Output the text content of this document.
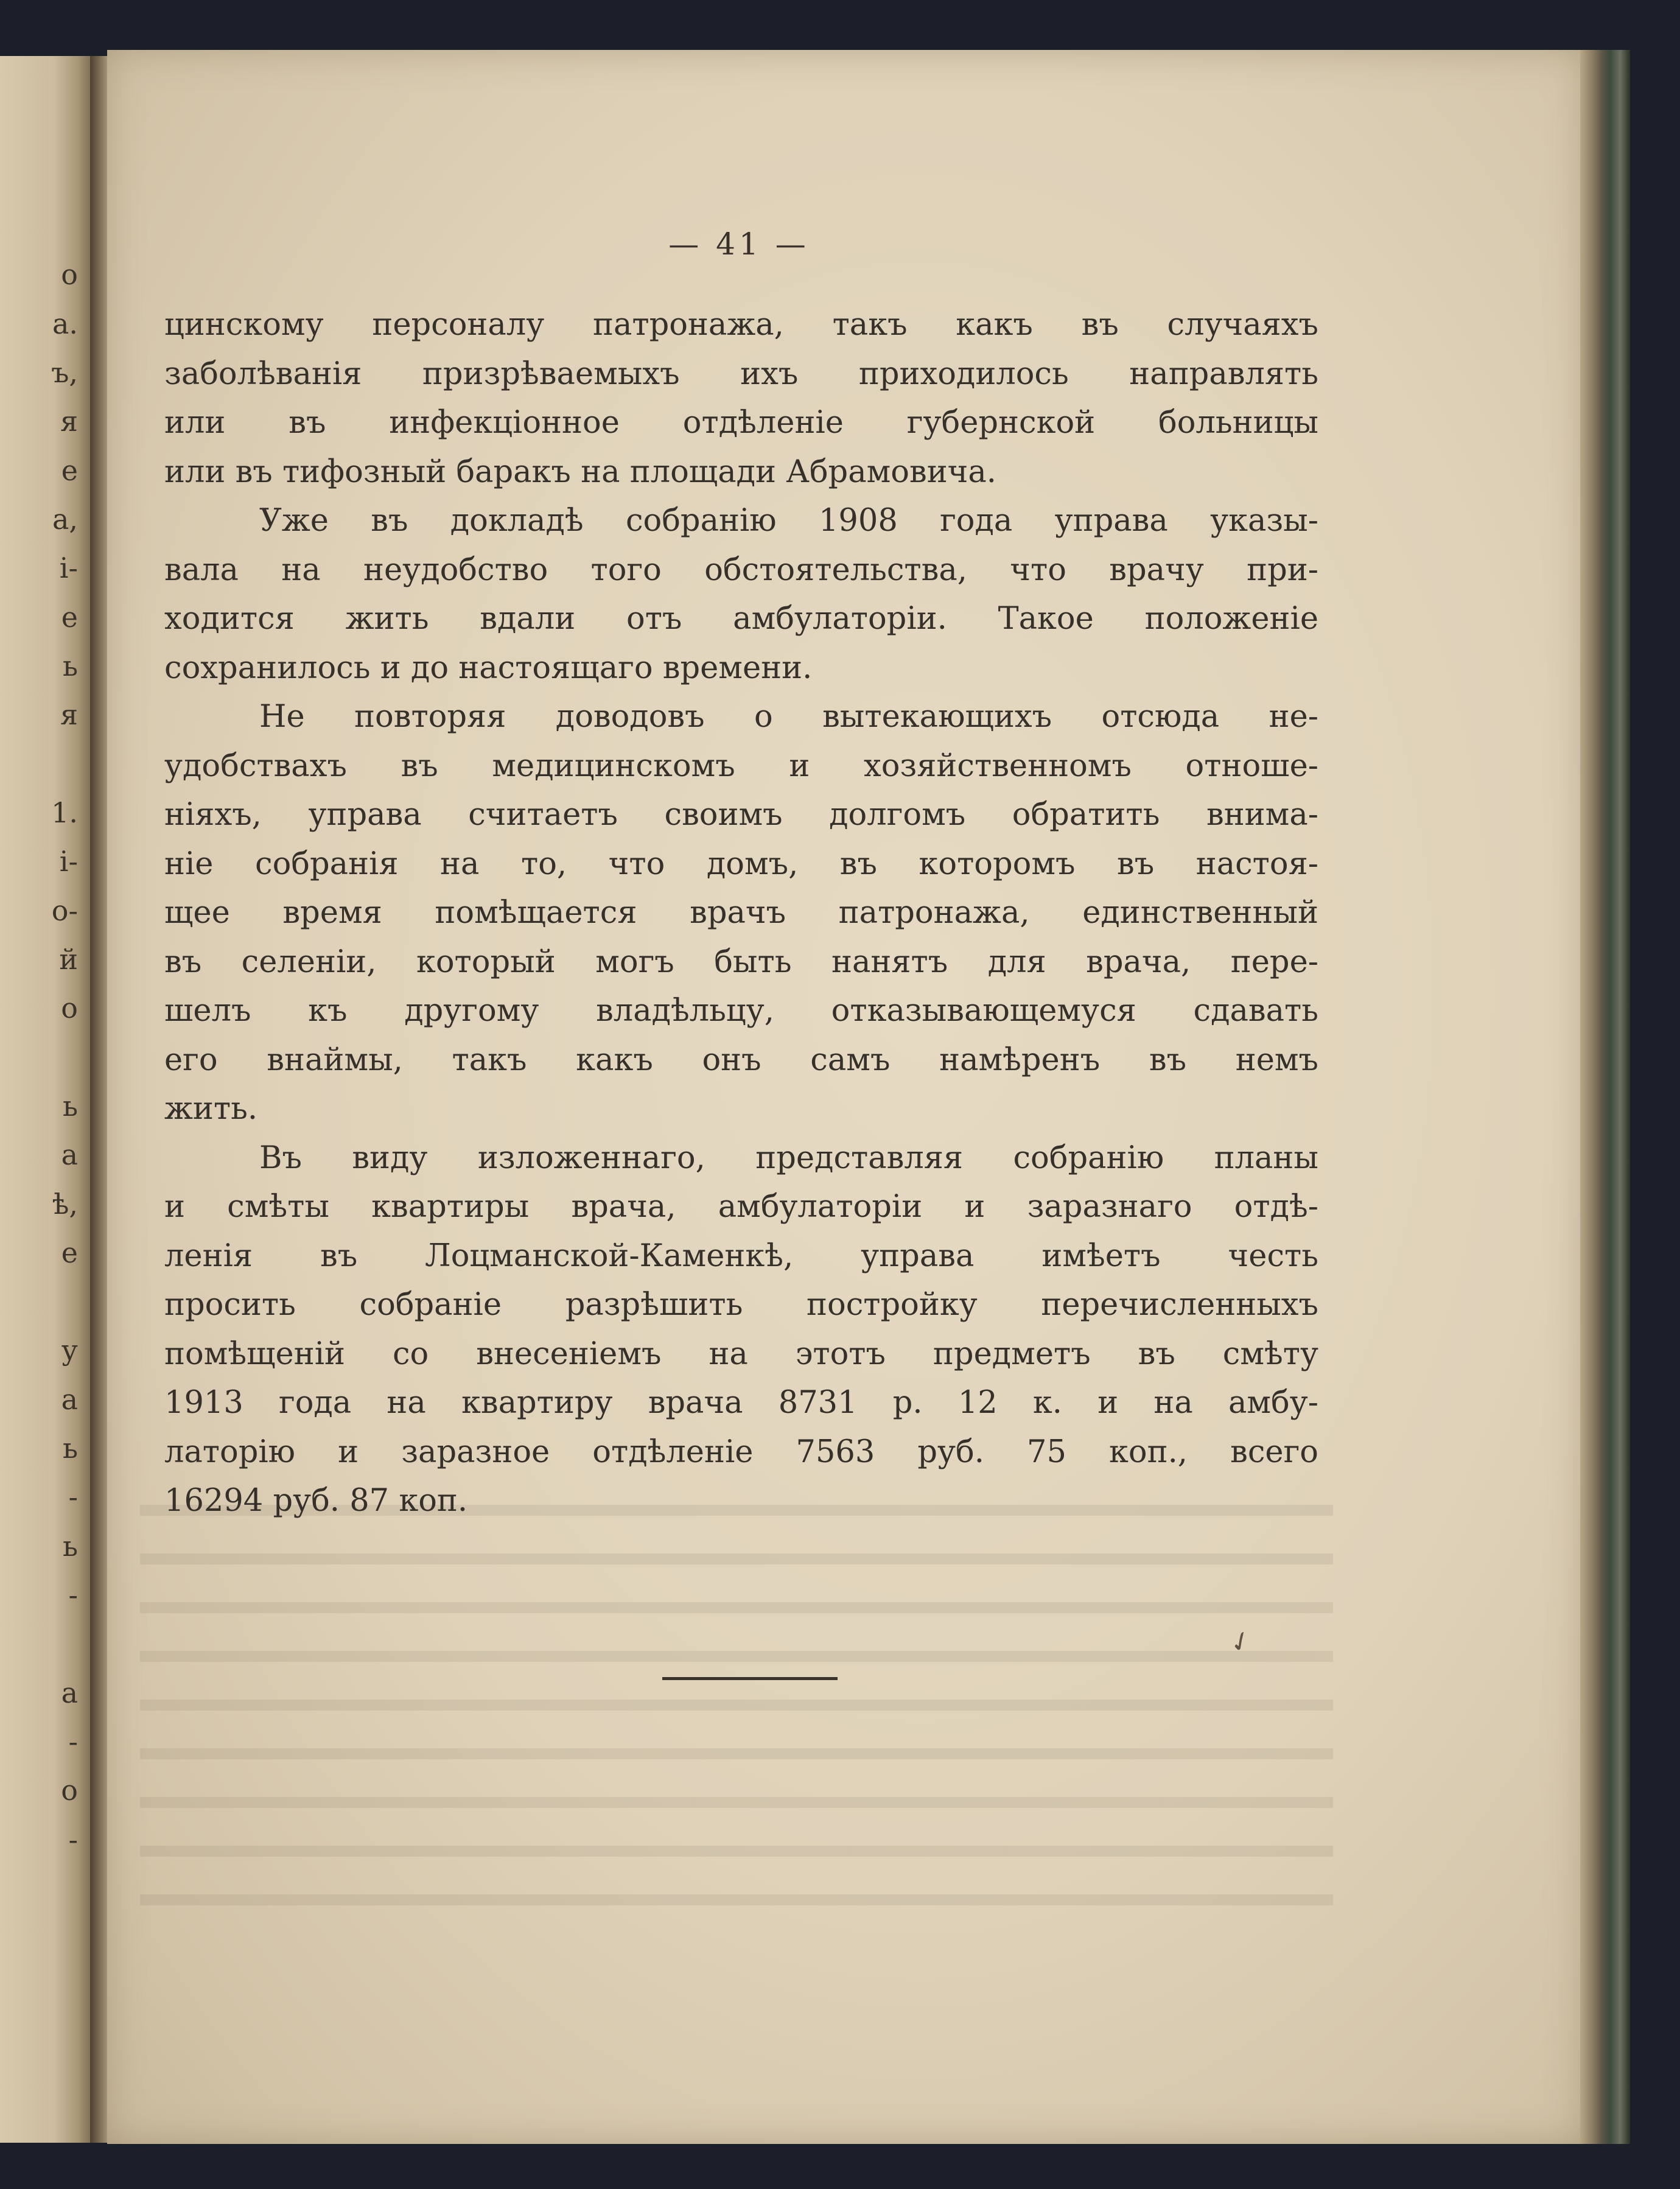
о
а.
ъ,
я
е
а,
і-
е
ь
я
1.
і-
о-
й
о
ь
а
ѣ,
е
у
а
ь
-
ь
-
а
-
о
-
— 41 —
цинскому персоналу патронажа, такъ какъ въ случаяхъ
заболѣванія призрѣваемыхъ ихъ приходилось направлять
или въ инфекціонное отдѣленіе губернской больницы
или въ тифозный баракъ на площади Абрамовича.
Уже въ докладѣ собранію 1908 года управа указы-
вала на неудобство того обстоятельства, что врачу при-
ходится жить вдали отъ амбулаторіи. Такое положеніе
сохранилось и до настоящаго времени.
Не повторяя доводовъ о вытекающихъ отсюда не-
удобствахъ въ медицинскомъ и хозяйственномъ отноше-
ніяхъ, управа считаетъ своимъ долгомъ обратить внима-
ніе собранія на то, что домъ, въ которомъ въ настоя-
щее время помѣщается врачъ патронажа, единственный
въ селеніи, который могъ быть нанятъ для врача, пере-
шелъ къ другому владѣльцу, отказывающемуся сдавать
его внаймы, такъ какъ онъ самъ намѣренъ въ немъ
жить.
Въ виду изложеннаго, представляя собранію планы
и смѣты квартиры врача, амбулаторіи и заразнаго отдѣ-
ленія въ Лоцманской-Каменкѣ, управа имѣетъ честь
просить собраніе разрѣшить постройку перечисленныхъ
помѣщеній со внесеніемъ на этотъ предметъ въ смѣту
1913 года на квартиру врача 8731 р. 12 к. и на амбу-
латорію и заразное отдѣленіе 7563 руб. 75 коп., всего
16294 руб. 87 коп.
✓
